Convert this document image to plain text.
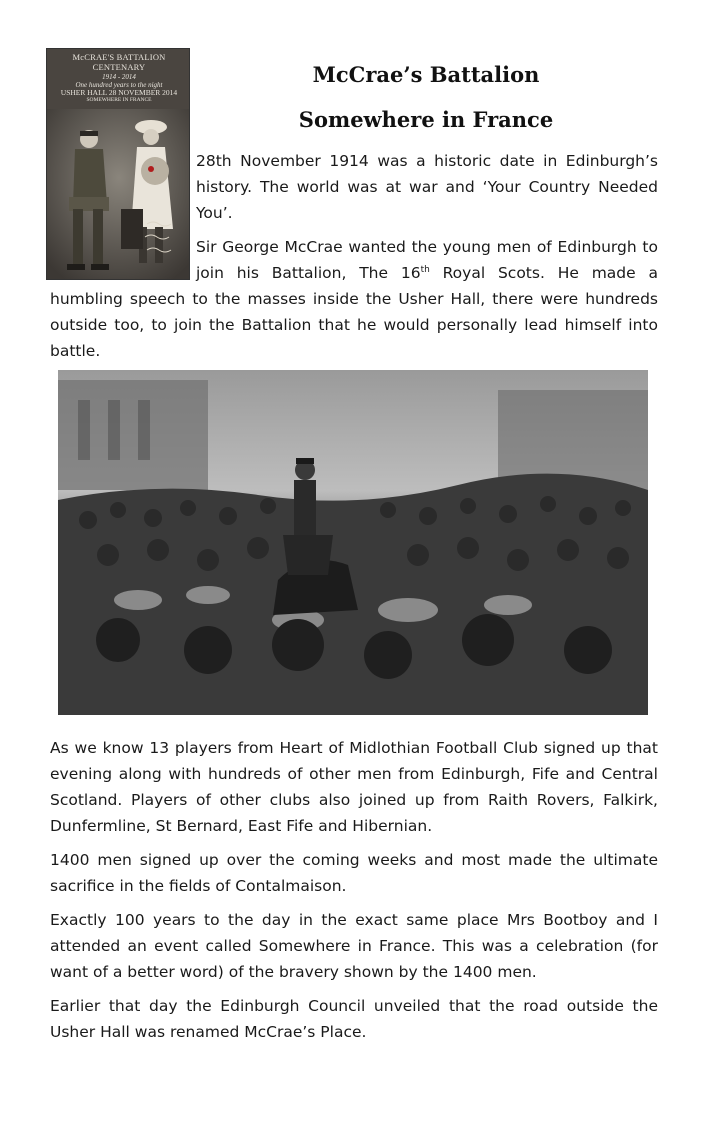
McCRAE'S BATTALION CENTENARY
1914 - 2014
One hundred years to the night
USHER HALL 28 NOVEMBER 2014
SOMEWHERE IN FRANCE
McCrae’s Battalion
Somewhere in France

28th November 1914 was a historic date in Edinburgh’s history. The world was at war and ‘Your Country Needed You’.

Sir George McCrae wanted the young men of Edinburgh to join his Battalion, The 16th Royal Scots. He made a humbling speech to the masses inside the Usher Hall, there were hundreds outside too, to join the Battalion that he would personally lead himself into battle.

As we know 13 players from Heart of Midlothian Football Club signed up that evening along with hundreds of other men from Edinburgh, Fife and Central Scotland. Players of other clubs also joined up from Raith Rovers, Falkirk, Dunfermline, St Bernard, East Fife and Hibernian.

1400 men signed up over the coming weeks and most made the ultimate sacrifice in the fields of Contalmaison.

Exactly 100 years to the day in the exact same place Mrs Bootboy and I attended an event called Somewhere in France. This was a celebration (for want of a better word) of the bravery shown by the 1400 men.

Earlier that day the Edinburgh Council unveiled that the road outside the Usher Hall was renamed McCrae’s Place.
